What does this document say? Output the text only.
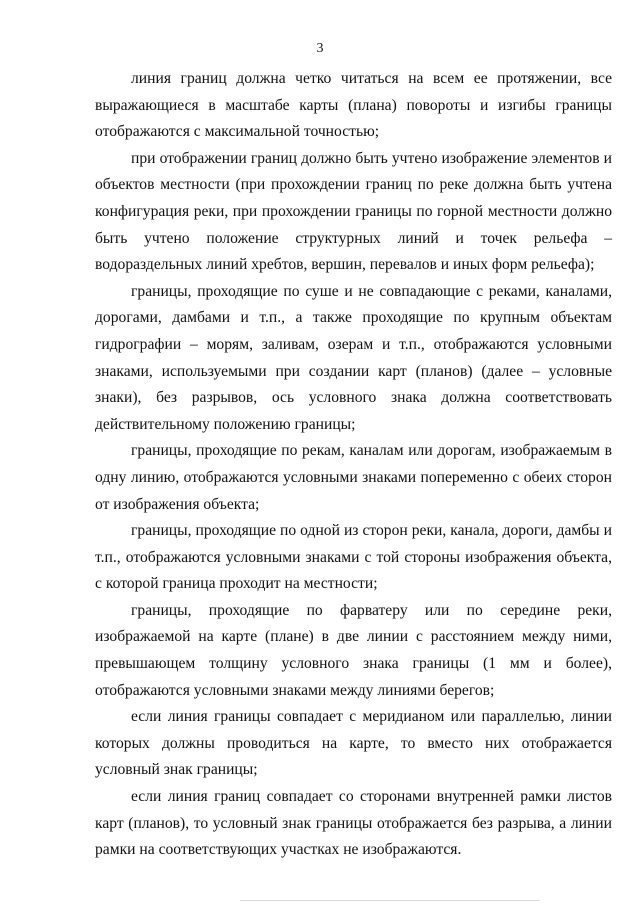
3

линия границ должна четко читаться на всем ее протяжении, все выражающиеся в масштабе карты (плана) повороты и изгибы границы отображаются с максимальной точностью;

при отображении границ должно быть учтено изображение элементов и объектов местности (при прохождении границ по реке должна быть учтена конфигурация реки, при прохождении границы по горной местности должно быть учтено положение структурных линий и точек рельефа – водораздельных линий хребтов, вершин, перевалов и иных форм рельефа);

границы, проходящие по суше и не совпадающие с реками, каналами, дорогами, дамбами и т.п., а также проходящие по крупным объектам гидрографии – морям, заливам, озерам и т.п., отображаются условными знаками, используемыми при создании карт (планов) (далее – условные знаки), без разрывов, ось условного знака должна соответствовать действительному положению границы;

границы, проходящие по рекам, каналам или дорогам, изображаемым в одну линию, отображаются условными знаками попеременно с обеих сторон от изображения объекта;

границы, проходящие по одной из сторон реки, канала, дороги, дамбы и т.п., отображаются условными знаками с той стороны изображения объекта, с которой граница проходит на местности;

границы, проходящие по фарватеру или по середине реки, изображаемой на карте (плане) в две линии с расстоянием между ними, превышающем толщину условного знака границы (1 мм и более), отображаются условными знаками между линиями берегов;

если линия границы совпадает с меридианом или параллелью, линии которых должны проводиться на карте, то вместо них отображается условный знак границы;

если линия границ совпадает со сторонами внутренней рамки листов карт (планов), то условный знак границы отображается без разрыва, а линии рамки на соответствующих участках не изображаются.
